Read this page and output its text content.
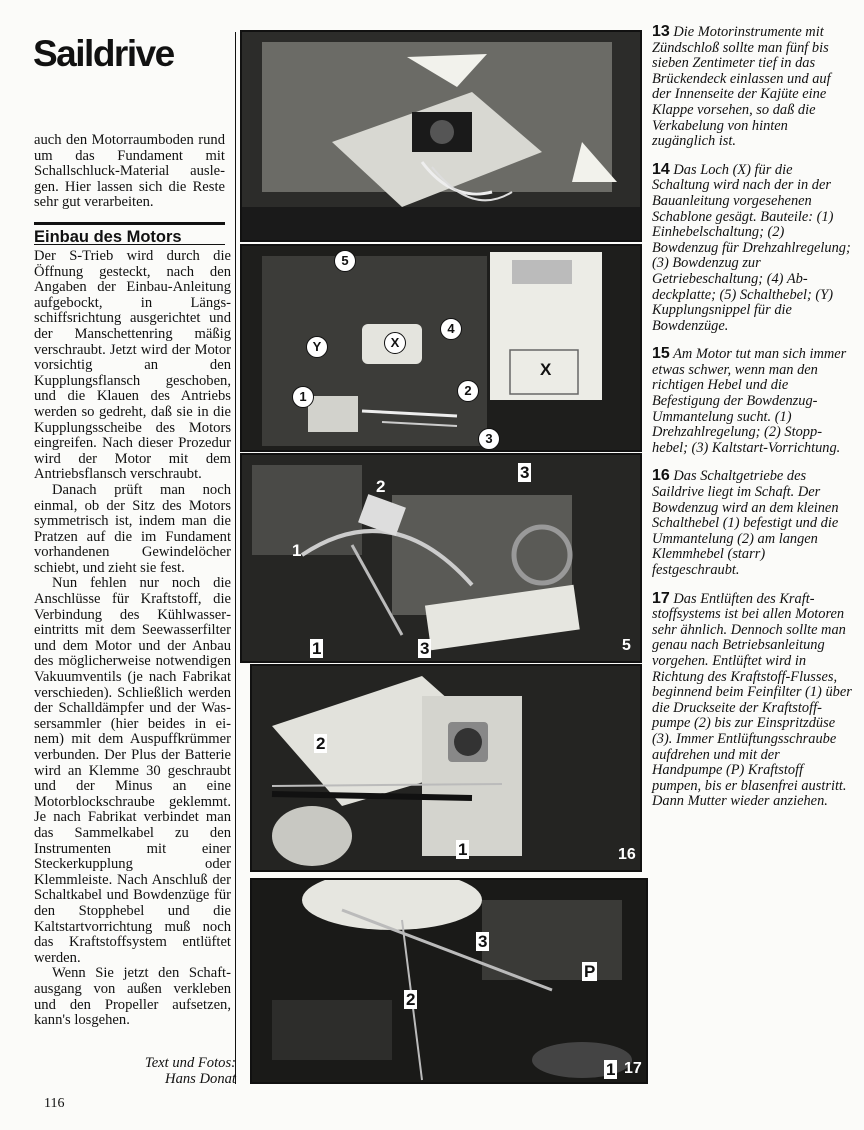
Saildrive
auch den Motorraumboden rund um das Fundament mit Schallschluck-Material auslegen. Hier lassen sich die Reste sehr gut verarbeiten.
Einbau des Motors

Der S-Trieb wird durch die Öffnung gesteckt, nach den Angaben der Einbau-Anleitung aufgebockt, in Längsschiffsrichtung ausgerichtet und der Manschettenring mäßig verschraubt. Jetzt wird der Motor vorsichtig an den Kupplungsflansch geschoben, und die Klauen des Antriebs werden so gedreht, daß sie in die Kupplungsscheibe des Motors eingreifen. Nach dieser Prozedur wird der Motor mit dem Antriebsflansch verschraubt.

Danach prüft man noch einmal, ob der Sitz des Motors symmetrisch ist, indem man die Pratzen auf die im Fundament vorhandenen Gewindelöcher schiebt, und zieht sie fest.

Nun fehlen nur noch die Anschlüsse für Kraftstoff, die Verbindung des Kühlwassereintritts mit dem Seewasserfilter und dem Motor und der Anbau des möglicherweise notwendigen Vakuumventils (je nach Fabrikat verschieden). Schließlich werden der Schalldämpfer und der Wassersammler (hier beides in einem) mit dem Auspuffkrümmer verbunden. Der Plus der Batterie wird an Klemme 30 geschraubt und der Minus an eine Motorblockschraube geklemmt. Je nach Fabrikat verbindet man das Sammelkabel zu den Instrumenten mit einer Steckerkupplung oder Klemmleiste. Nach Anschluß der Schaltkabel und Bowdenzüge für den Stopphebel und die Kaltstartvorrichtung muß noch das Kraftstoffsystem entlüftet werden.

Wenn Sie jetzt den Schaftausgang von außen verkleben und den Propeller aufsetzen, kann's losgehen.

Text und Fotos:
Hans Donat
116
5
4
Y	X
1	2
3
X
2
1
3
1	3	5
2
1	16
3
P
2
1 17

13 Die Motorinstrumente mit Zündschloß sollte man fünf bis sieben Zentimeter tief in das Brückendeck einlassen und auf der Innenseite der Kajüte eine Klappe vorsehen, so daß die Verkabelung von hinten zugänglich ist.

14 Das Loch (X) für die Schaltung wird nach der in der Bauanleitung vorgesehenen Schablone gesägt. Bauteile: (1) Einhebelschaltung; (2) Bowdenzug für Drehzahlregelung; (3) Bowdenzug zur Getriebeschaltung; (4) Abdeckplatte; (5) Schalthebel; (Y) Kupplungsnippel für die Bowdenzüge.

15 Am Motor tut man sich immer etwas schwer, wenn man den richtigen Hebel und die Befestigung der Bowdenzug-Ummantelung sucht. (1) Drehzahlregelung; (2) Stopphebel; (3) Kaltstart-Vorrichtung.

16 Das Schaltgetriebe des Saildrive liegt im Schaft. Der Bowdenzug wird an dem kleinen Schalthebel (1) befestigt und die Ummantelung (2) am langen Klemmhebel (starr) festgeschraubt.

17 Das Entlüften des Kraftstoffsystems ist bei allen Motoren sehr ähnlich. Dennoch sollte man genau nach Betriebsanleitung vorgehen. Entlüftet wird in Richtung des Kraftstoff-Flusses, beginnend beim Feinfilter (1) über die Druckseite der Kraftstoffpumpe (2) bis zur Einspritzdüse (3). Immer Entlüftungsschraube aufdrehen und mit der Handpumpe (P) Kraftstoff pumpen, bis er blasenfrei austritt. Dann Mutter wieder anziehen.
